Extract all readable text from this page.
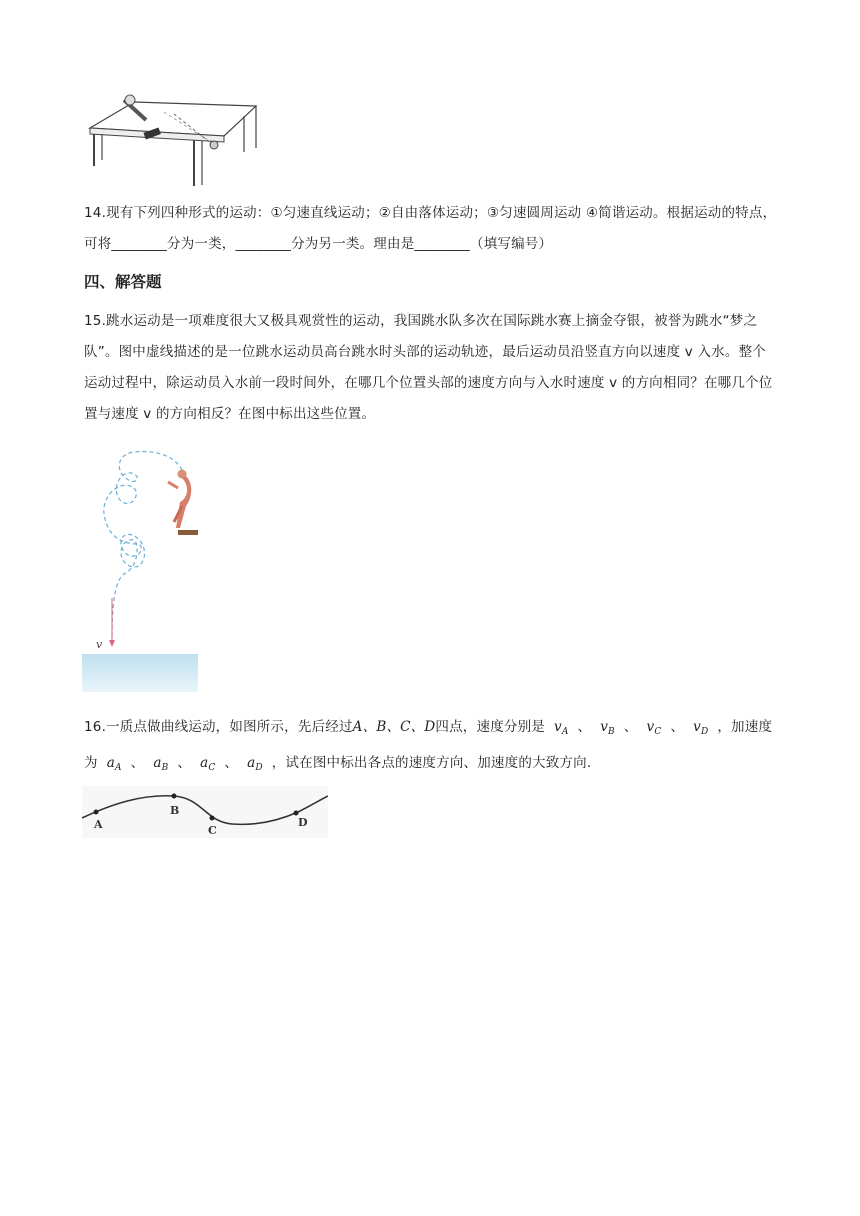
14.现有下列四种形式的运动：①匀速直线运动；②自由落体运动；③匀速圆周运动 ④简谐运动。根据运动的特点，可将________分为一类，________分为另一类。理由是________（填写编号）
四、解答题
15.跳水运动是一项难度很大又极具观赏性的运动，我国跳水队多次在国际跳水赛上摘金夺银，被誉为跳水“梦之队”。图中虚线描述的是一位跳水运动员高台跳水时头部的运动轨迹，最后运动员沿竖直方向以速度 v 入水。整个运动过程中，除运动员入水前一段时间外，在哪几个位置头部的速度方向与入水时速度 v 的方向相同？在哪几个位置与速度 v 的方向相反？在图中标出这些位置。
v
16.一质点做曲线运动，如图所示，先后经过A、B、C、D四点，速度分别是 $v_A$ 、 $v_B$ 、 $v_C$ 、 $v_D$ ，加速度为 $a_A$ 、 $a_B$ 、 $a_C$ 、 $a_D$ ，试在图中标出各点的速度方向、加速度的大致方向.
A
B
C
D
